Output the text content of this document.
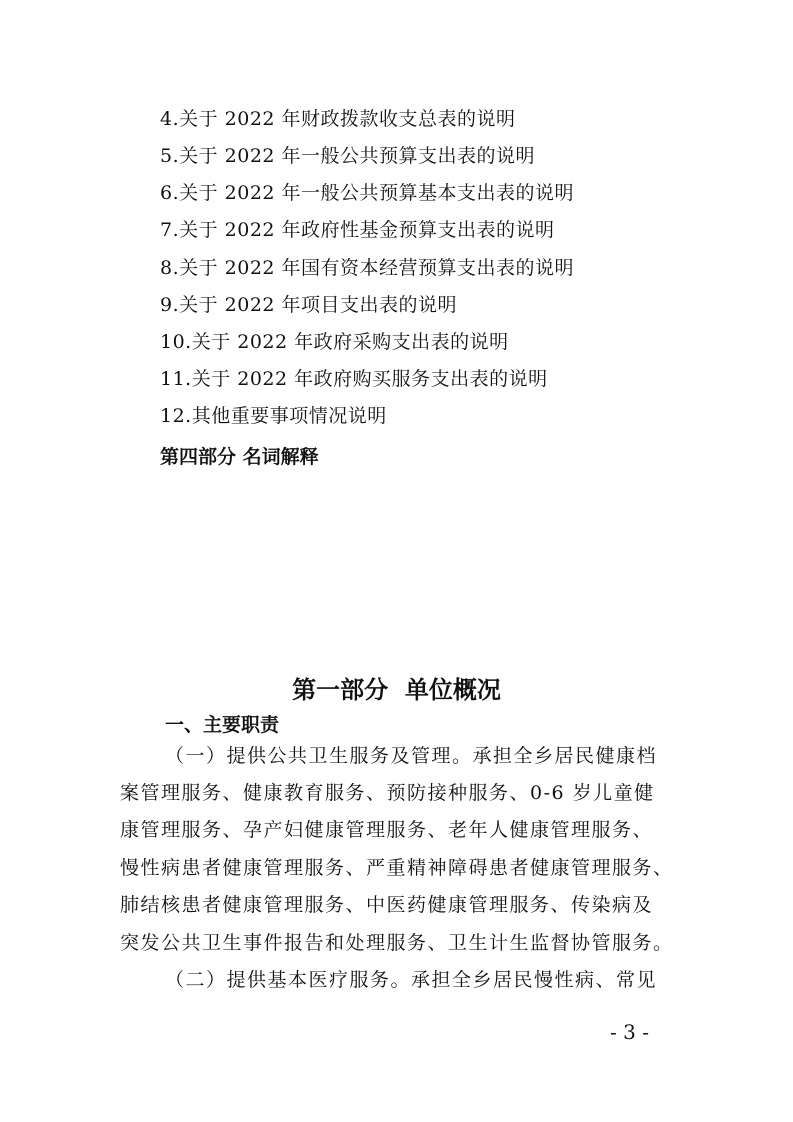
4.关于 2022 年财政拨款收支总表的说明
5.关于 2022 年一般公共预算支出表的说明
6.关于 2022 年一般公共预算基本支出表的说明
7.关于 2022 年政府性基金预算支出表的说明
8.关于 2022 年国有资本经营预算支出表的说明
9.关于 2022 年项目支出表的说明
10.关于 2022 年政府采购支出表的说明
11.关于 2022 年政府购买服务支出表的说明
12.其他重要事项情况说明
第四部分 名词解释
第一部分  单位概况
一、主要职责
（一）提供公共卫生服务及管理。承担全乡居民健康档
案管理服务、健康教育服务、预防接种服务、0-6 岁儿童健
康管理服务、孕产妇健康管理服务、老年人健康管理服务、
慢性病患者健康管理服务、严重精神障碍患者健康管理服务、
肺结核患者健康管理服务、中医药健康管理服务、传染病及
突发公共卫生事件报告和处理服务、卫生计生监督协管服务。
（二）提供基本医疗服务。承担全乡居民慢性病、常见
- 3 -
